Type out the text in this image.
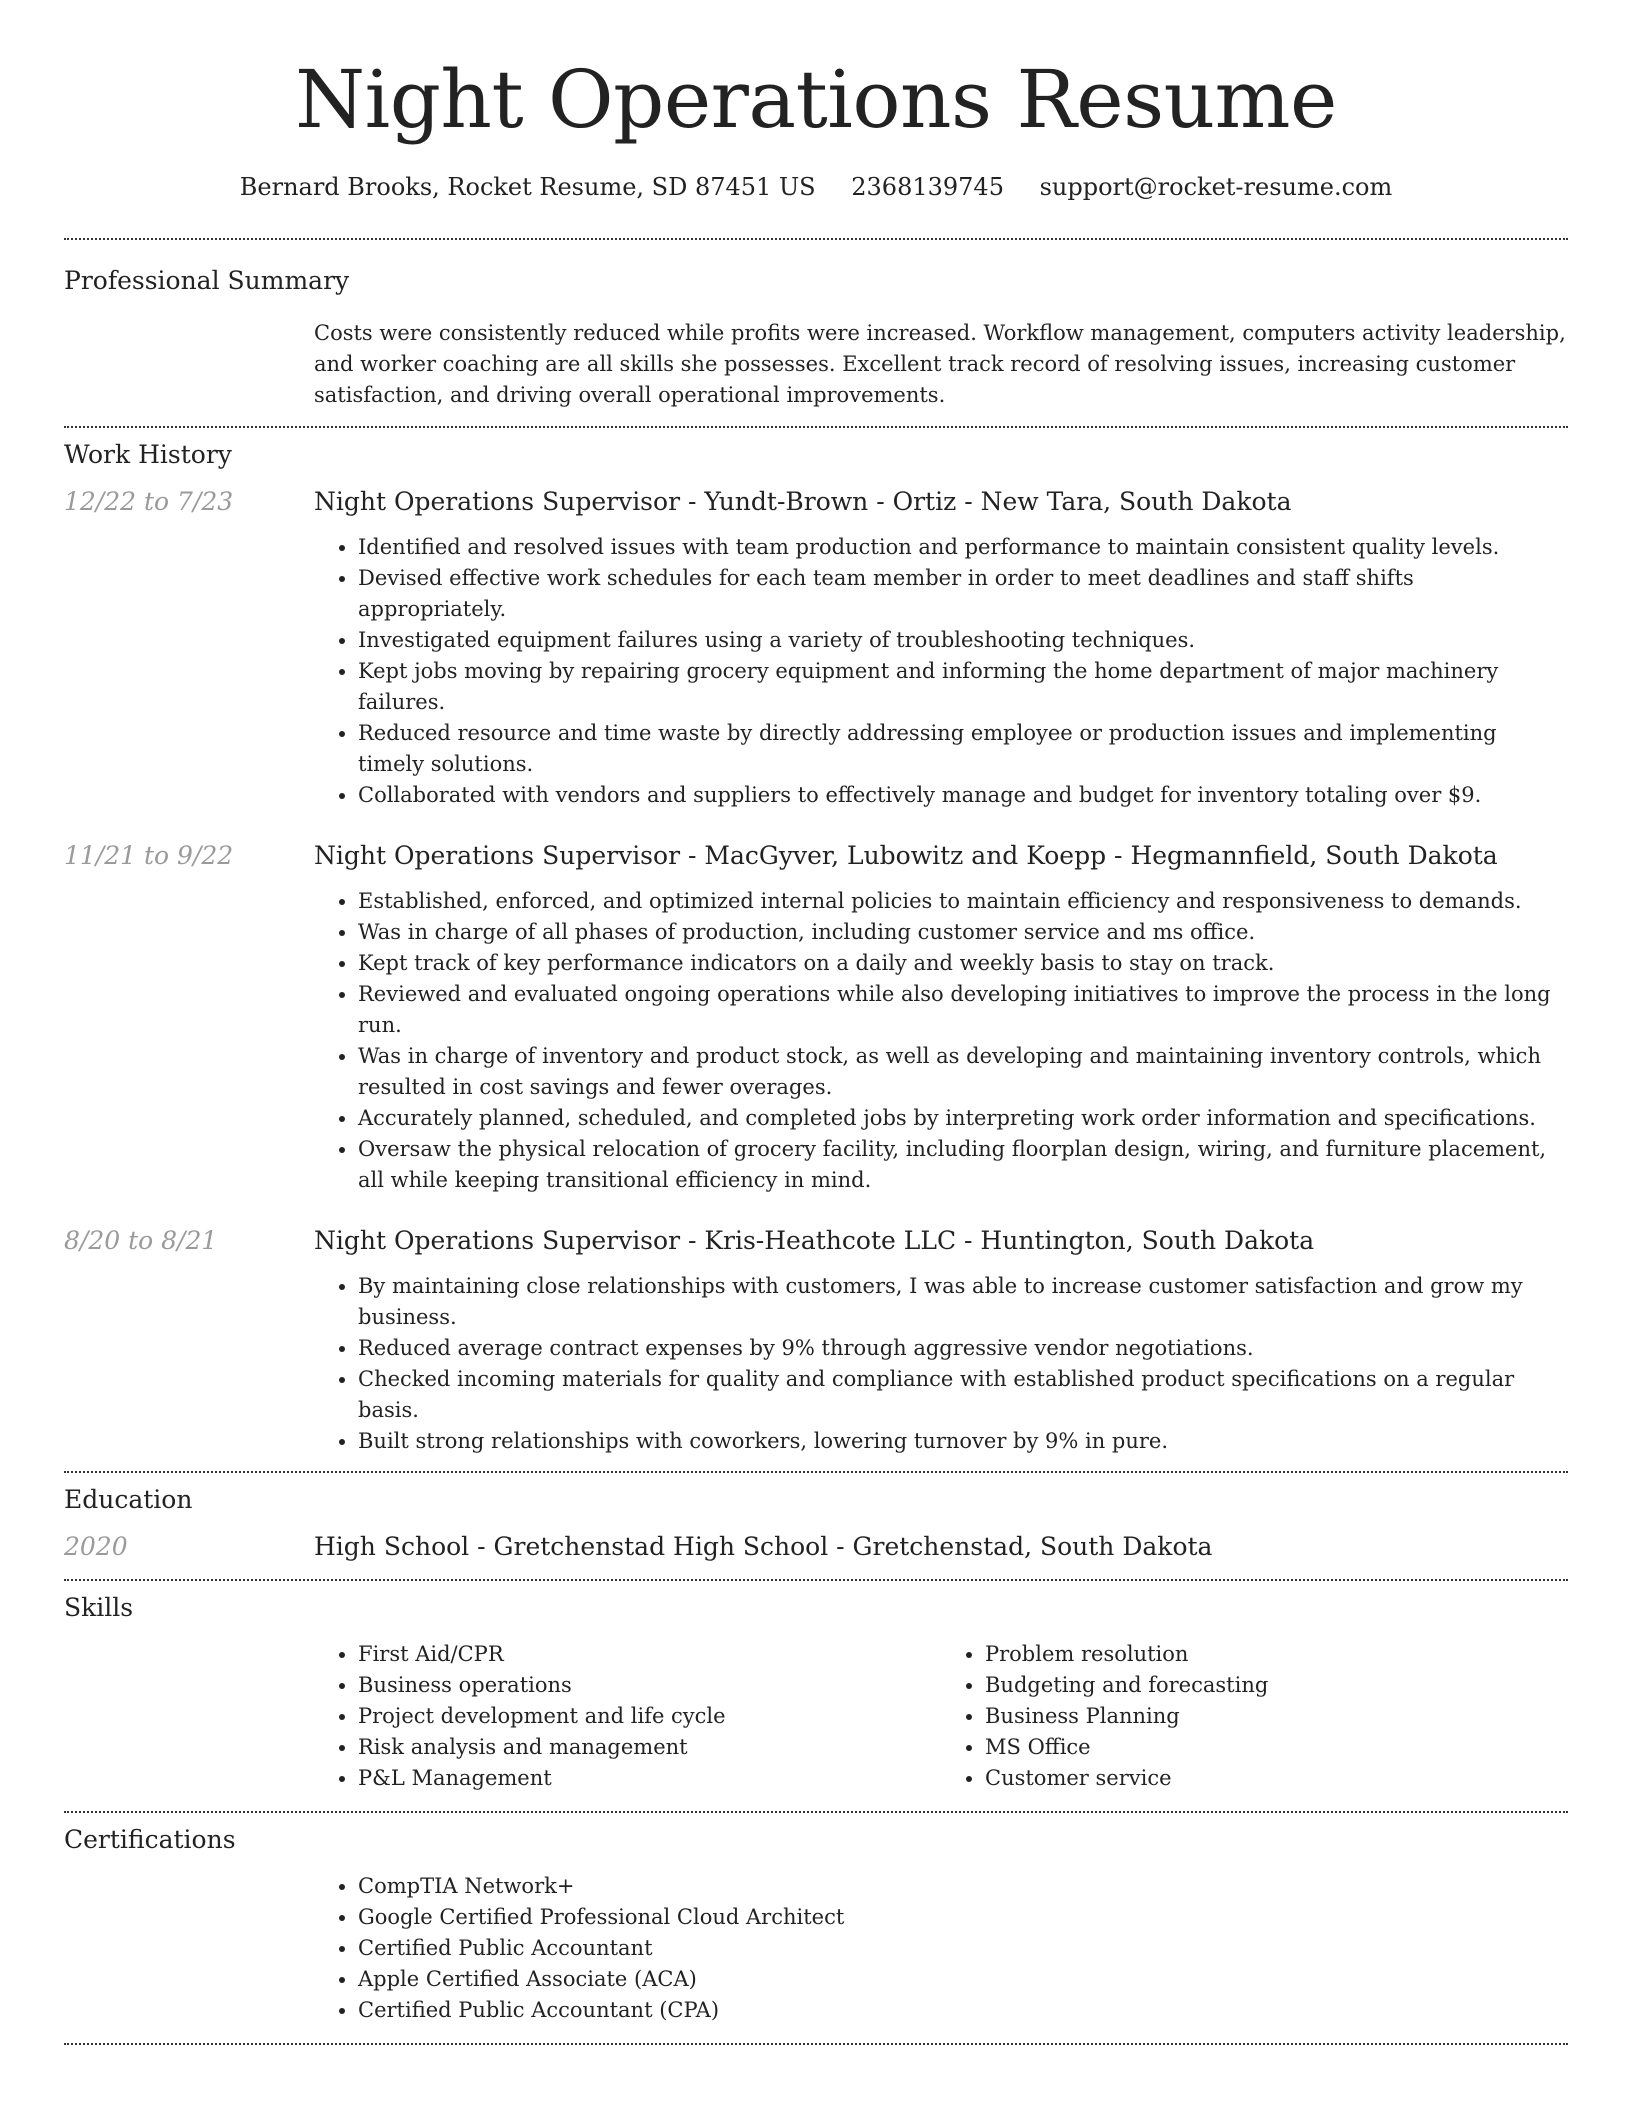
Night Operations Resume
Bernard Brooks, Rocket Resume, SD 87451 US 2368139745 support@rocket-resume.com
Professional Summary
Costs were consistently reduced while profits were increased. Workflow management, computers activity leadership, and worker coaching are all skills she possesses. Excellent track record of resolving issues, increasing customer satisfaction, and driving overall operational improvements.
Work History
12/22 to 7/23	Night Operations Supervisor - Yundt-Brown - Ortiz - New Tara, South Dakota
• Identified and resolved issues with team production and performance to maintain consistent quality levels.
• Devised effective work schedules for each team member in order to meet deadlines and staff shifts appropriately.
• Investigated equipment failures using a variety of troubleshooting techniques.
• Kept jobs moving by repairing grocery equipment and informing the home department of major machinery failures.
• Reduced resource and time waste by directly addressing employee or production issues and implementing timely solutions.
• Collaborated with vendors and suppliers to effectively manage and budget for inventory totaling over $9.
11/21 to 9/22	Night Operations Supervisor - MacGyver, Lubowitz and Koepp - Hegmannfield, South Dakota
• Established, enforced, and optimized internal policies to maintain efficiency and responsiveness to demands.
• Was in charge of all phases of production, including customer service and ms office.
• Kept track of key performance indicators on a daily and weekly basis to stay on track.
• Reviewed and evaluated ongoing operations while also developing initiatives to improve the process in the long run.
• Was in charge of inventory and product stock, as well as developing and maintaining inventory controls, which resulted in cost savings and fewer overages.
• Accurately planned, scheduled, and completed jobs by interpreting work order information and specifications.
• Oversaw the physical relocation of grocery facility, including floorplan design, wiring, and furniture placement, all while keeping transitional efficiency in mind.
8/20 to 8/21	Night Operations Supervisor - Kris-Heathcote LLC - Huntington, South Dakota
• By maintaining close relationships with customers, I was able to increase customer satisfaction and grow my business.
• Reduced average contract expenses by 9% through aggressive vendor negotiations.
• Checked incoming materials for quality and compliance with established product specifications on a regular basis.
• Built strong relationships with coworkers, lowering turnover by 9% in pure.
Education
2020	High School - Gretchenstad High School - Gretchenstad, South Dakota
Skills
• First Aid/CPR
• Business operations
• Project development and life cycle
• Risk analysis and management
• P&L Management
• Problem resolution
• Budgeting and forecasting
• Business Planning
• MS Office
• Customer service
Certifications
• CompTIA Network+
• Google Certified Professional Cloud Architect
• Certified Public Accountant
• Apple Certified Associate (ACA)
• Certified Public Accountant (CPA)
